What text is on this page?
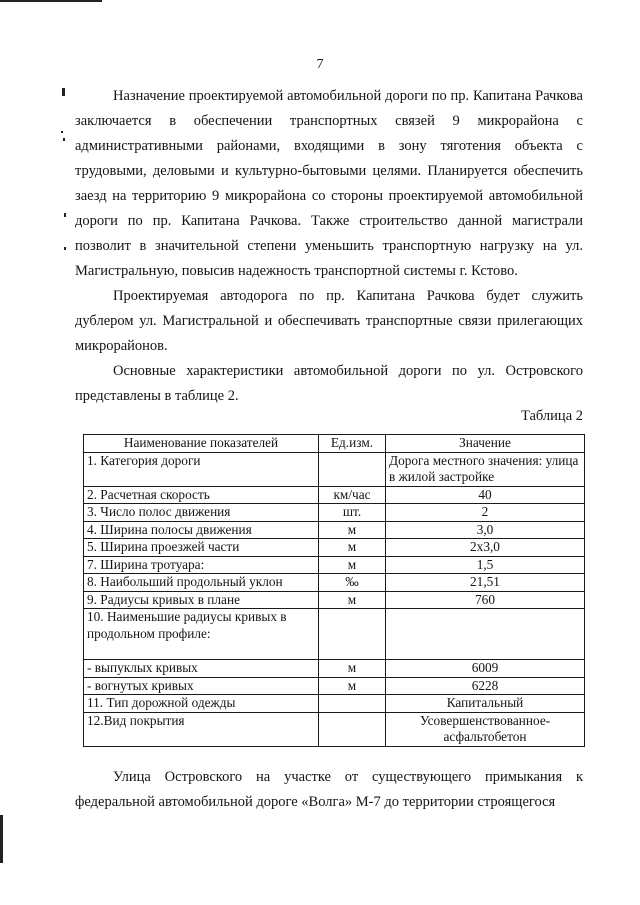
7

Назначение проектируемой автомобильной дороги по пр. Капитана Рачкова заключается в обеспечении транспортных связей 9 микрорайона с административными районами, входящими в зону тяготения объекта с трудовыми, деловыми и культурно-бытовыми целями. Планируется обеспечить заезд на территорию 9 микрорайона со стороны проектируемой автомобильной дороги по пр. Капитана Рачкова. Также строительство данной магистрали позволит в значительной степени уменьшить транспортную нагрузку на ул. Магистральную, повысив надежность транспортной системы г. Кстово.

Проектируемая автодорога по пр. Капитана Рачкова будет служить дублером ул. Магистральной и обеспечивать транспортные связи прилегающих микрорайонов.

Основные характеристики автомобильной дороги по ул. Островского представлены в таблице 2.

Таблица 2
Наименование показателей	Ед.изм.	Значение
1. Категория дороги		Дорога местного значения: улица в жилой застройке
2. Расчетная скорость	км/час	40
3. Число полос движения	шт.	2
4. Ширина полосы движения	м	3,0
5. Ширина проезжей части	м	2x3,0
7. Ширина тротуара:	м	1,5
8. Наибольший продольный уклон	‰	21,51
9. Радиусы кривых в плане	м	760
10. Наименьшие радиусы кривых в продольном профиле:		
- выпуклых кривых	м	6009
- вогнутых кривых	м	6228
11. Тип дорожной одежды		Капитальный
12.Вид покрытия		Усовершенствованное-асфальтобетон

Улица Островского на участке от существующего примыкания к федеральной автомобильной дороге «Волга» М-7 до территории строящегося
